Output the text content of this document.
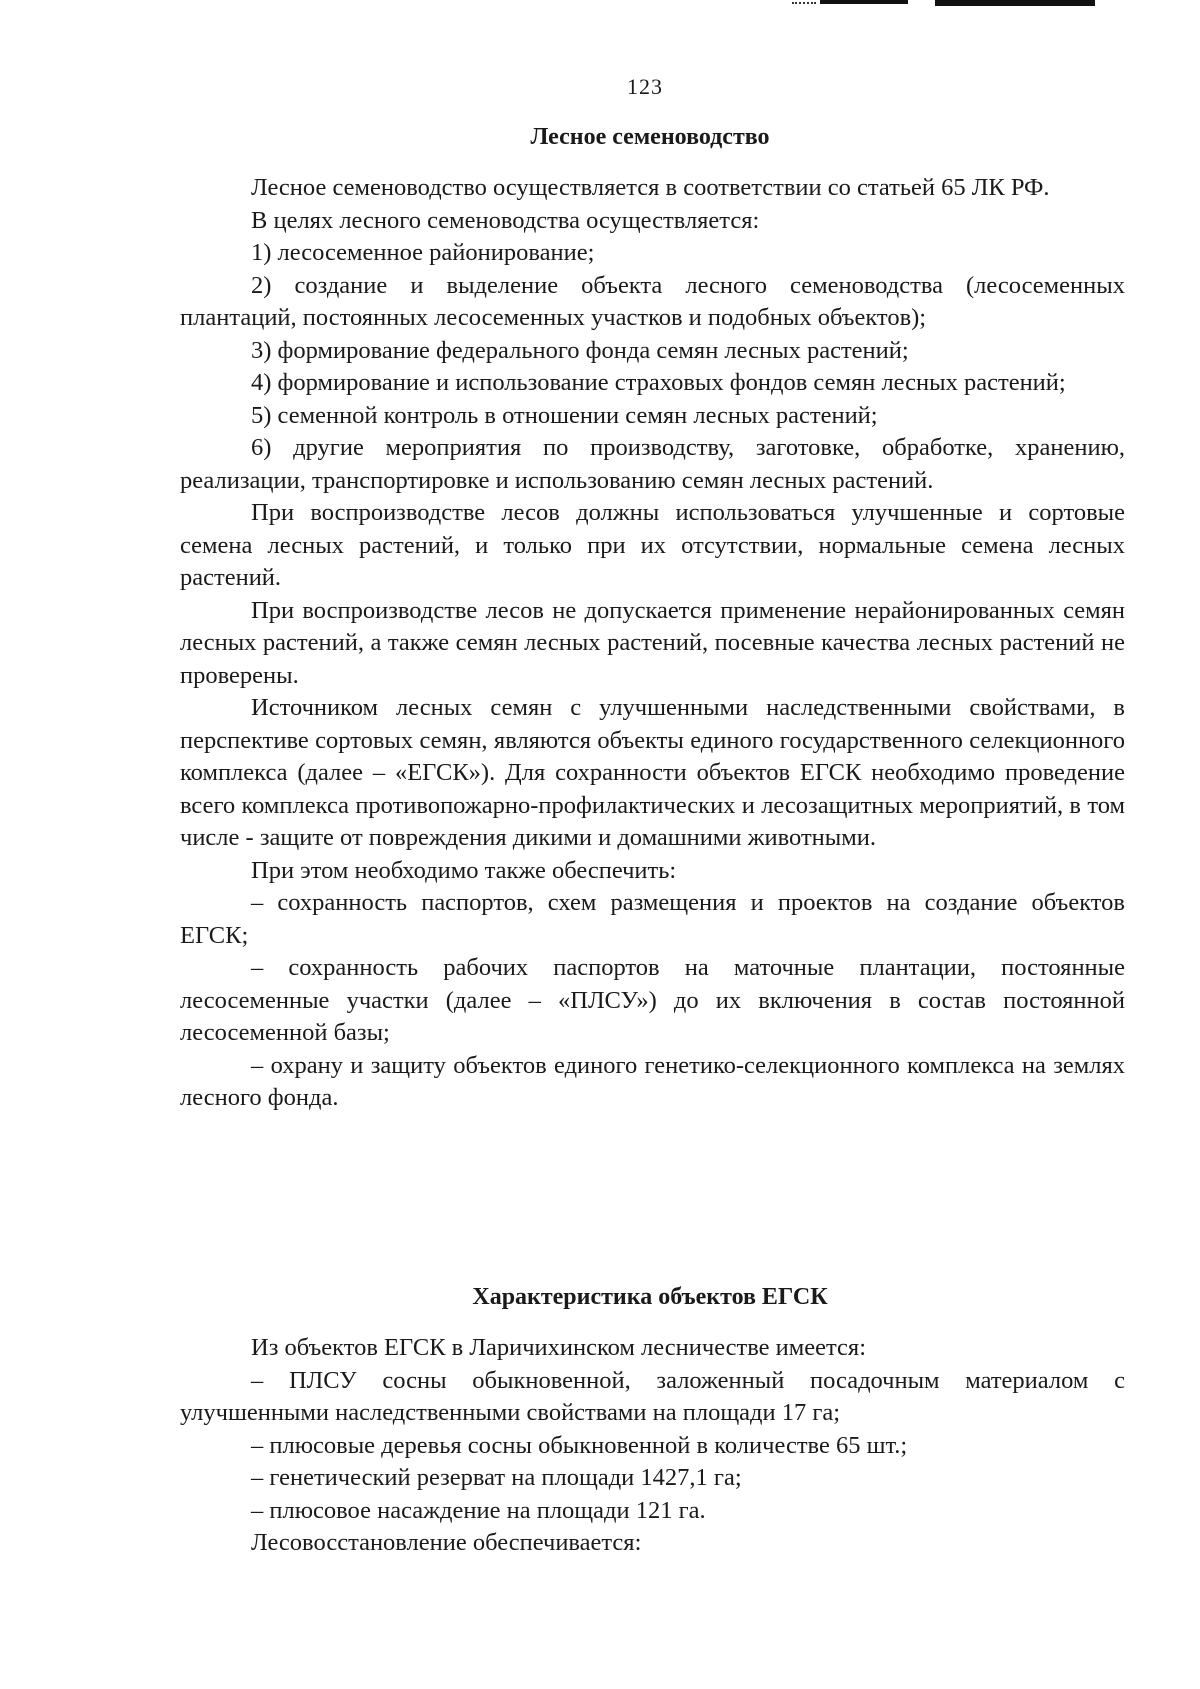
123
Лесное семеноводство

Лесное семеноводство осуществляется в соответствии со статьей 65 ЛК РФ.

В целях лесного семеноводства осуществляется:

1) лесосеменное районирование;

2) создание и выделение объекта лесного семеноводства (лесосеменных плантаций, постоянных лесосеменных участков и подобных объектов);

3) формирование федерального фонда семян лесных растений;

4) формирование и использование страховых фондов семян лесных растений;

5) семенной контроль в отношении семян лесных растений;

6) другие мероприятия по производству, заготовке, обработке, хранению, реализации, транспортировке и использованию семян лесных растений.

При воспроизводстве лесов должны использоваться улучшенные и сортовые семена лесных растений, и только при их отсутствии, нормальные семена лесных растений.

При воспроизводстве лесов не допускается применение нерайонированных семян лесных растений, а также семян лесных растений, посевные качества лесных растений не проверены.

Источником лесных семян с улучшенными наследственными свойствами, в перспективе сортовых семян, являются объекты единого государственного селекционного комплекса (далее – «ЕГСК»). Для сохранности объектов ЕГСК необходимо проведение всего комплекса противопожарно-профилактических и лесозащитных мероприятий, в том числе - защите от повреждения дикими и домашними животными.

При этом необходимо также обеспечить:

– сохранность паспортов, схем размещения и проектов на создание объектов ЕГСК;

– сохранность рабочих паспортов на маточные плантации, постоянные лесосеменные участки (далее – «ПЛСУ») до их включения в состав постоянной лесосеменной базы;

– охрану и защиту объектов единого генетико-селекционного комплекса на землях лесного фонда.

Характеристика объектов ЕГСК

Из объектов ЕГСК в Ларичихинском лесничестве имеется:

– ПЛСУ сосны обыкновенной, заложенный посадочным материалом с улучшенными наследственными свойствами на площади 17 га;

– плюсовые деревья сосны обыкновенной в количестве 65 шт.;

– генетический резерват на площади 1427,1 га;

– плюсовое насаждение на площади 121 га.

Лесовосстановление обеспечивается:
